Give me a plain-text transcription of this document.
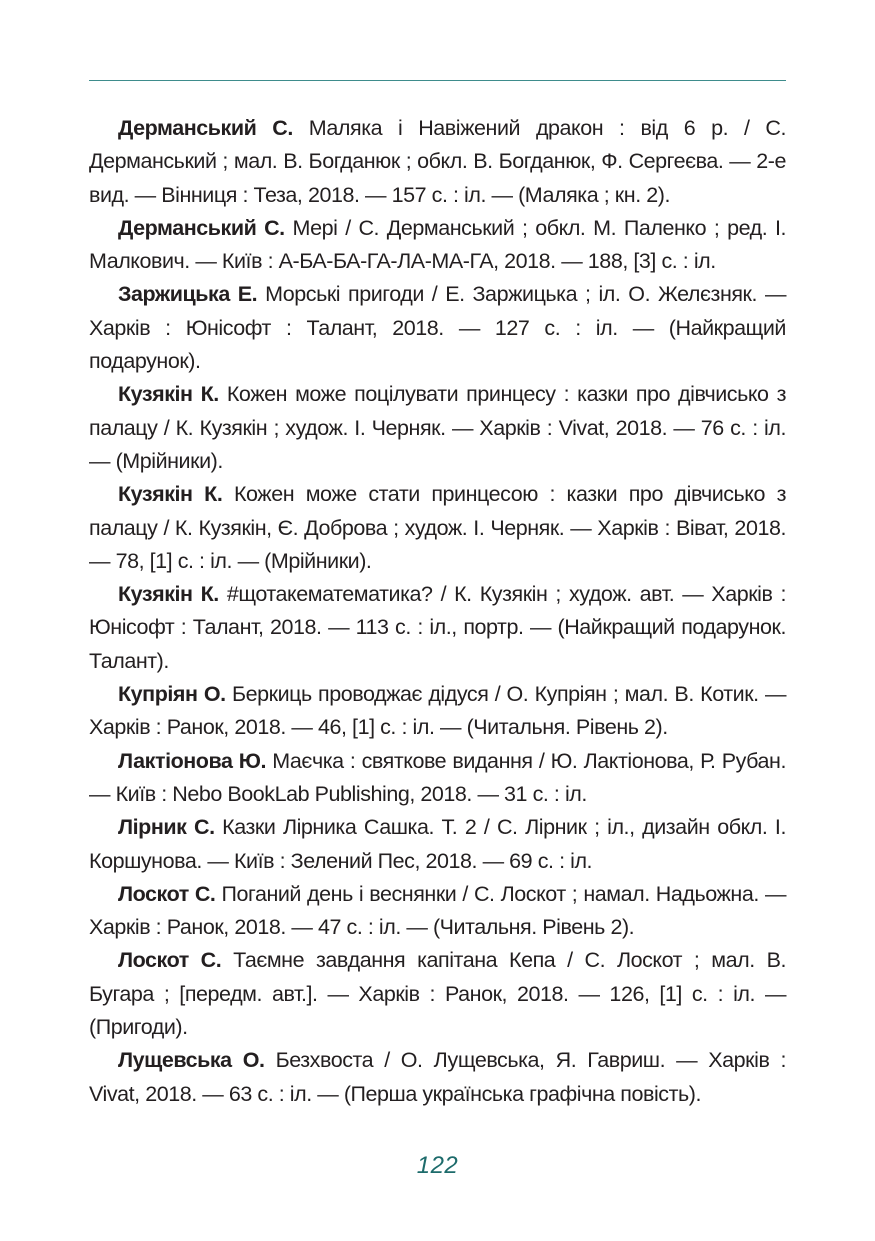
Дерманський С. Маляка і Навіжений дракон : від 6 р. / С. Дерманський ; мал. В. Богданюк ; обкл. В. Богданюк, Ф. Сергеєва. — 2-е вид. — Вінниця : Теза, 2018. — 157 с. : іл. — (Маляка ; кн. 2).

Дерманський С. Мері / С. Дерманський ; обкл. М. Паленко ; ред. І. Малкович. — Київ : А-БА-БА-ГА-ЛА-МА-ГА, 2018. — 188, [3] с. : іл.

Заржицька Е. Морські пригоди / Е. Заржицька ; іл. О. Желєзняк. — Харків : Юнісофт : Талант, 2018. — 127 с. : іл. — (Найкращий подарунок).

Кузякін К. Кожен може поцілувати принцесу : казки про дівчисько з палацу / К. Кузякін ; худож. І. Черняк. — Харків : Vivat, 2018. — 76 с. : іл. — (Мрійники).

Кузякін К. Кожен може стати принцесою : казки про дівчисько з палацу / К. Кузякін, Є. Доброва ; худож. І. Черняк. — Харків : Віват, 2018. — 78, [1] с. : іл. — (Мрійники).

Кузякін К. #щотакематематика? / К. Кузякін ; худож. авт. — Харків : Юнісофт : Талант, 2018. — 113 с. : іл., портр. — (Найкращий подарунок. Талант).

Купріян О. Беркиць проводжає дідуся / О. Купріян ; мал. В. Котик. — Харків : Ранок, 2018. — 46, [1] с. : іл. — (Читальня. Рівень 2).

Лактіонова Ю. Маєчка : святкове видання / Ю. Лактіонова, Р. Рубан. — Київ : Nebo BookLab Publishing, 2018. — 31 с. : іл.

Лірник С. Казки Лірника Сашка. Т. 2 / С. Лірник ; іл., дизайн обкл. І. Коршунова. — Київ : Зелений Пес, 2018. — 69 с. : іл.

Лоскот С. Поганий день і веснянки / С. Лоскот ; намал. Надьожна. — Харків : Ранок, 2018. — 47 с. : іл. — (Читальня. Рівень 2).

Лоскот С. Таємне завдання капітана Кепа / С. Лоскот ; мал. В. Бугара ; [передм. авт.]. — Харків : Ранок, 2018. — 126, [1] с. : іл. — (Пригоди).

Лущевська О. Безхвоста / О. Лущевська, Я. Гавриш. — Харків : Vivat, 2018. — 63 с. : іл. — (Перша українська графічна повість).

122
